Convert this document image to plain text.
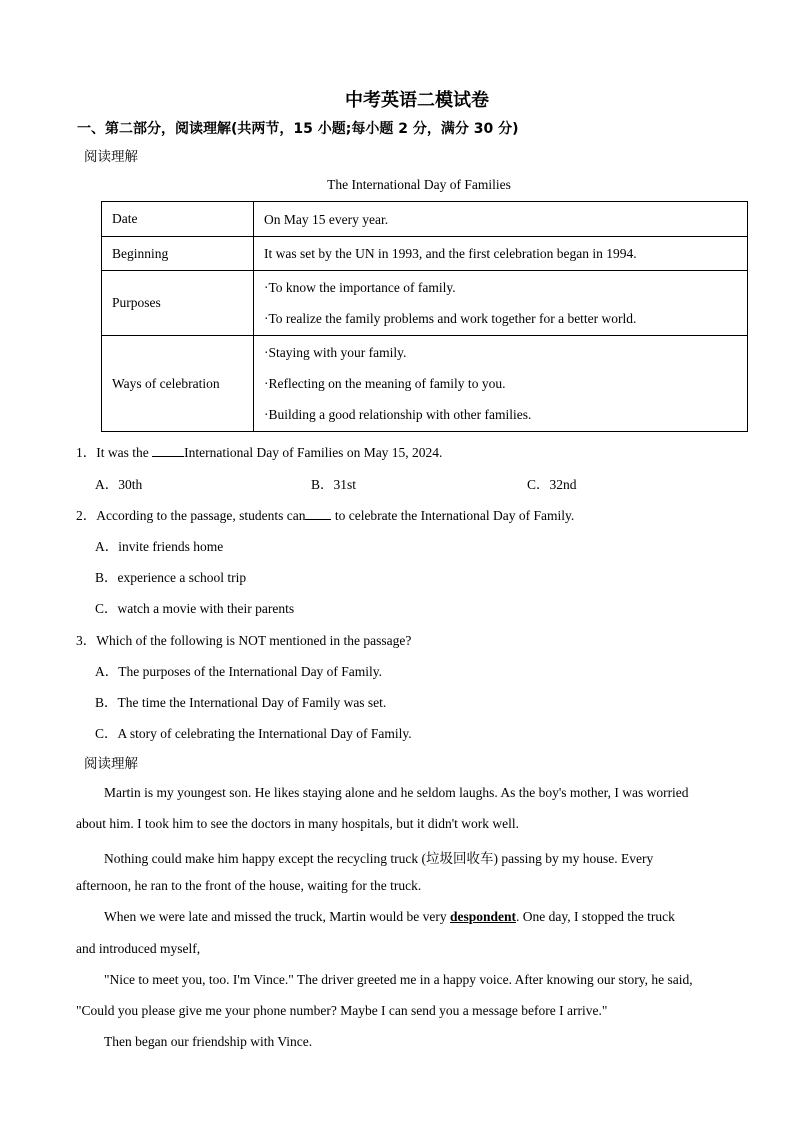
中考英语二模试卷
一、第二部分，阅读理解(共两节，15 小题;每小题 2 分，满分 30 分)
阅读理解
The International Day of Families
Date	On May 15 every year.

Beginning	It was set by the UN in 1993, and the first celebration began in 1994.

Purposes	·To know the importance of family.
·To realize the family problems and work together for a better world.

Ways of celebration	·Staying with your family.
·Reflecting on the meaning of family to you.
·Building a good relationship with other families.
1．It was the International Day of Families on May 15, 2024.
A．30th	B．31st	C．32nd
2．According to the passage, students can to celebrate the International Day of Family.
A．invite friends home
B．experience a school trip
C．watch a movie with their parents
3．Which of the following is NOT mentioned in the passage?
A．The purposes of the International Day of Family.
B．The time the International Day of Family was set.
C．A story of celebrating the International Day of Family.
阅读理解
Martin is my youngest son. He likes staying alone and he seldom laughs. As the boy's mother, I was worried
about him. I took him to see the doctors in many hospitals, but it didn't work well.
Nothing could make him happy except the recycling truck (垃圾回收车) passing by my house. Every
afternoon, he ran to the front of the house, waiting for the truck.
When we were late and missed the truck, Martin would be very despondent. One day, I stopped the truck
and introduced myself,
"Nice to meet you, too. I'm Vince." The driver greeted me in a happy voice. After knowing our story, he said,
"Could you please give me your phone number? Maybe I can send you a message before I arrive."
Then began our friendship with Vince.
